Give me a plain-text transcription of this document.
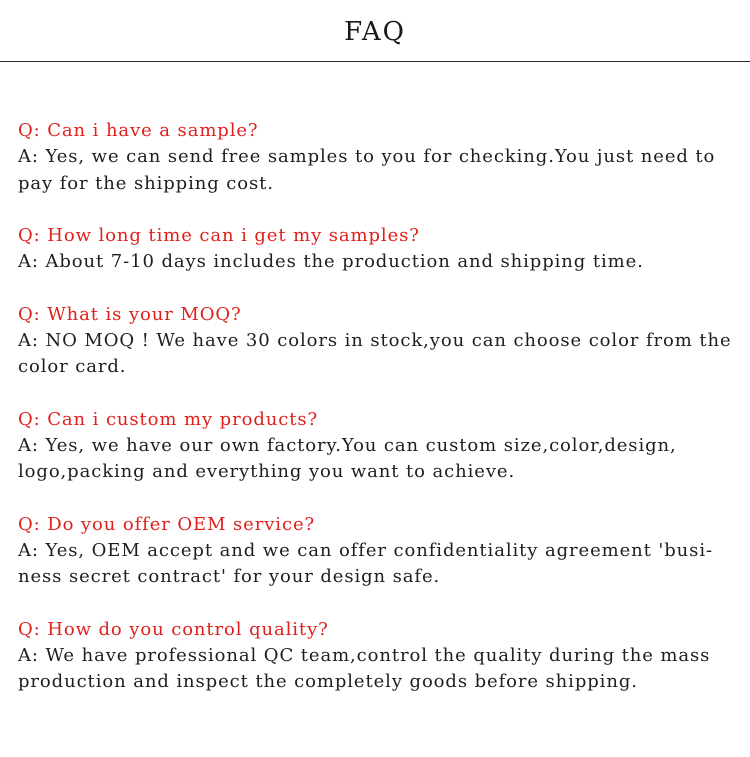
FAQ
Q: Can i have a sample?
A: Yes, we can send free samples to you for checking.You just need to pay for the shipping cost.
Q: How long time can i get my samples?
A: About 7-10 days includes the production and shipping time.
Q: What is your MOQ?
A: NO MOQ ! We have 30 colors in stock,you can choose color from the color card.
Q: Can i custom my products?
A: Yes, we have our own factory.You can custom size,color,design, logo,packing and everything you want to achieve.
Q: Do you offer OEM service?
A: Yes, OEM accept and we can offer confidentiality agreement 'busi-ness secret contract' for your design safe.
Q: How do you control quality?
A: We have professional QC team,control the quality during the mass production and inspect the completely goods before shipping.
